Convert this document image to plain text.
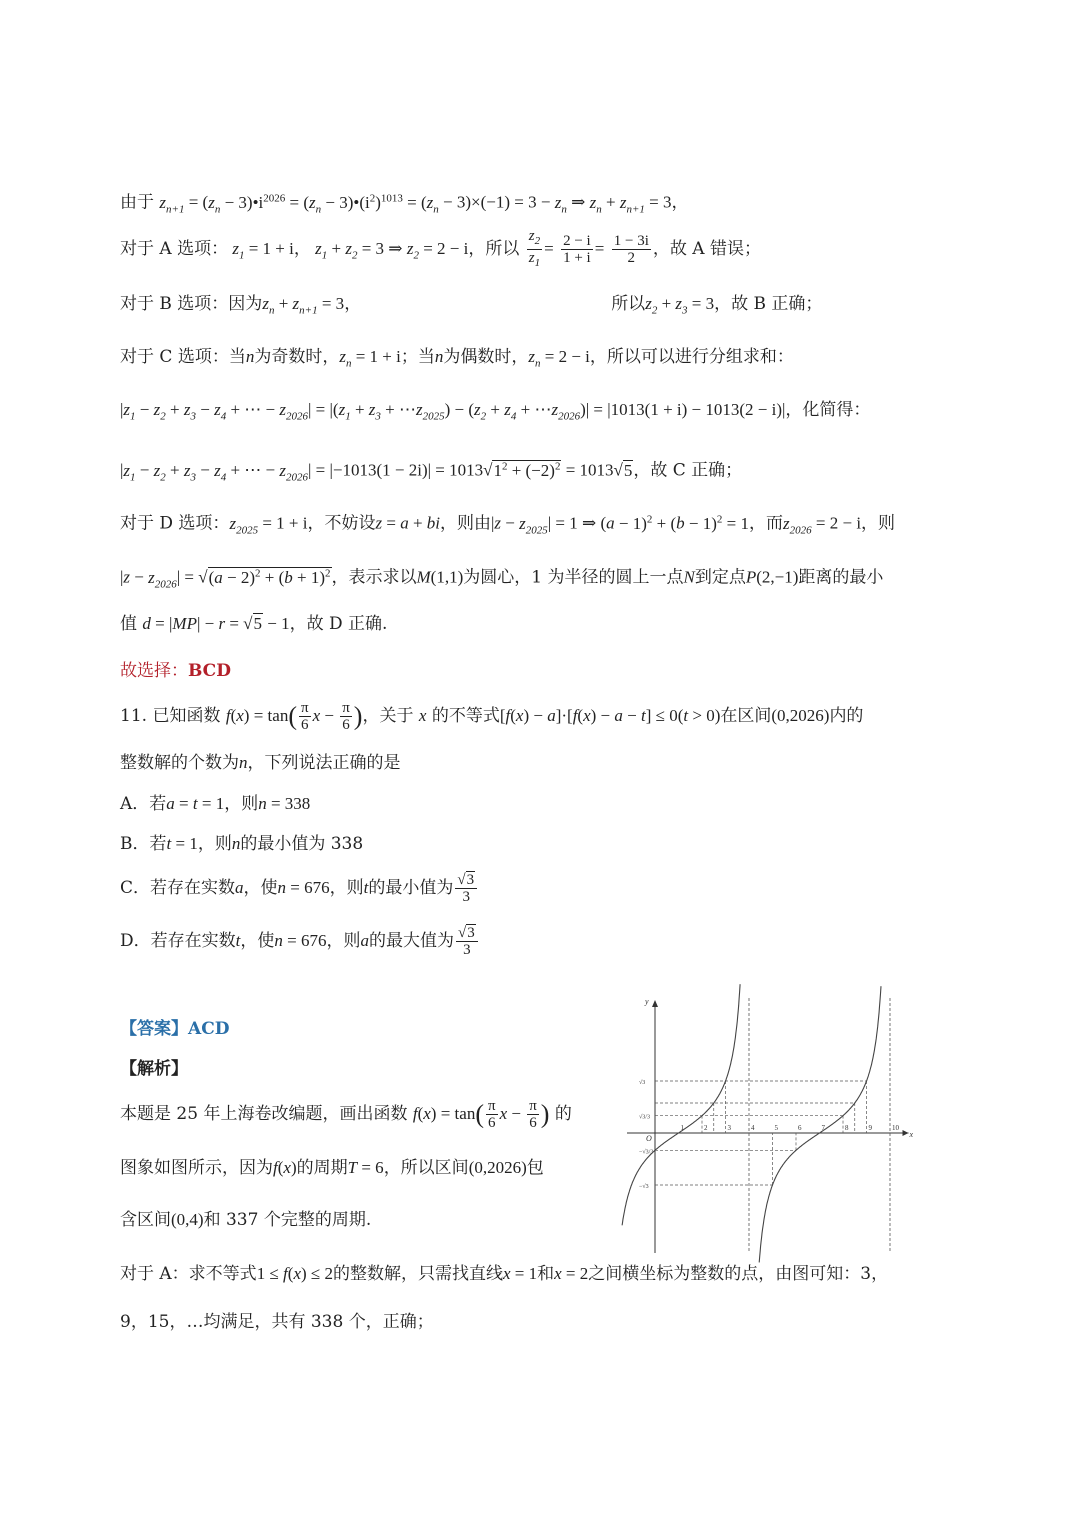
由于 $z_{n+1} = (z_n$ − $3)•i^{2026} = (z_n$ − $3)•(i^2)^{1013} = (z_n - 3)\times(-1) = 3 - z_n$ ⇒ $z_n + z_{n+1} = 3$，
对于 A 选项： $z_1 = 1 + i$， $z_1 + z_2 = 3$ ⇒ $z_2 = 2 - i$，所以 $\frac{z_2}{z_1} = \frac{2 - i}{1 + i} = \frac{1 - 3i}{2}$ ，故 A 错误；
对于 B 选项：因为$z_n + z_{n+1} = 3$，	所以$z_2 + z_3 = 3$，故 B 正确；
对于 C 选项：当n为奇数时，$z_n = 1 + i$；当n为偶数时，$z_n = 2 - i$，所以可以进行分组求和：
$|z_1 - z_2 + z_3 - z_4$ + ⋯ − $z_{2026}| = |(z_1 + z_3$ + $\cdots z_{2025}) - (z_2 + z_4$ + $\cdots z_{2026})| = |1013(1 + i) - 1013(2 - i)|$，化简得：
$|z_1 - z_2 + z_3 - z_4$ + ⋯ − $z_{2026}| = |-1013(1 - 2i)| = 1013√1^2 + (-2)^2 = 1013√5$，故 C 正确；
对于 D 选项：$z_{2025} = 1 + i$，不妨设z = a + bi，则由$|z - z_{2025}| = 1$ ⇒ $(a - 1)^2 + (b - 1)^2 = 1$，而$z_{2026} = 2 - i$，则
$|z - z_{2026}| = √(a - 2)^2 + (b + 1)^2$，表示求以M(1,1)为圆心，1 为半径的圆上一点N到定点P(2,−1)距离的最小
值 d = |MP| − r = √5 − 1，故 D 正确.
故选择：BCD
11. 已知函数 $f(x) = \tan( \frac{\pi}{6}$ $x - \frac{\pi}{6}$ )，关于 x 的不等式[f(x) − a]·[f(x) − a − t] ≤ 0(t > 0)在区间(0,2026)内的
整数解的个数为n，下列说法正确的是
A．若a = t = 1，则n = 338
B．若t = 1，则n的最小值为 338
C．若存在实数a，使n = 676，则t的最小值为 $\frac{√3}{3}$
D．若存在实数t，使n = 676，则a的最大值为 $\frac{√3}{3}$
【答案】ACD
【解析】
本题是 25 年上海卷改编题，画出函数 $f(x) = \tan( \frac{\pi}{6}$ $x - \frac{\pi}{6}$ ) 的
图象如图所示，因为f(x)的周期T = 6，所以区间(0,2026)包
含区间(0,4)和 337 个完整的周期.
对于 A：求不等式1 ≤ f(x) ≤ 2的整数解，只需找直线x = 1和x = 2之间横坐标为整数的点，由图可知：3，
9，15，…均满足，共有 338 个，正确；
1	2	3	4	5	6	7	8	9	10
√3
√3/3
−√3/3
−√3
O	x
y
